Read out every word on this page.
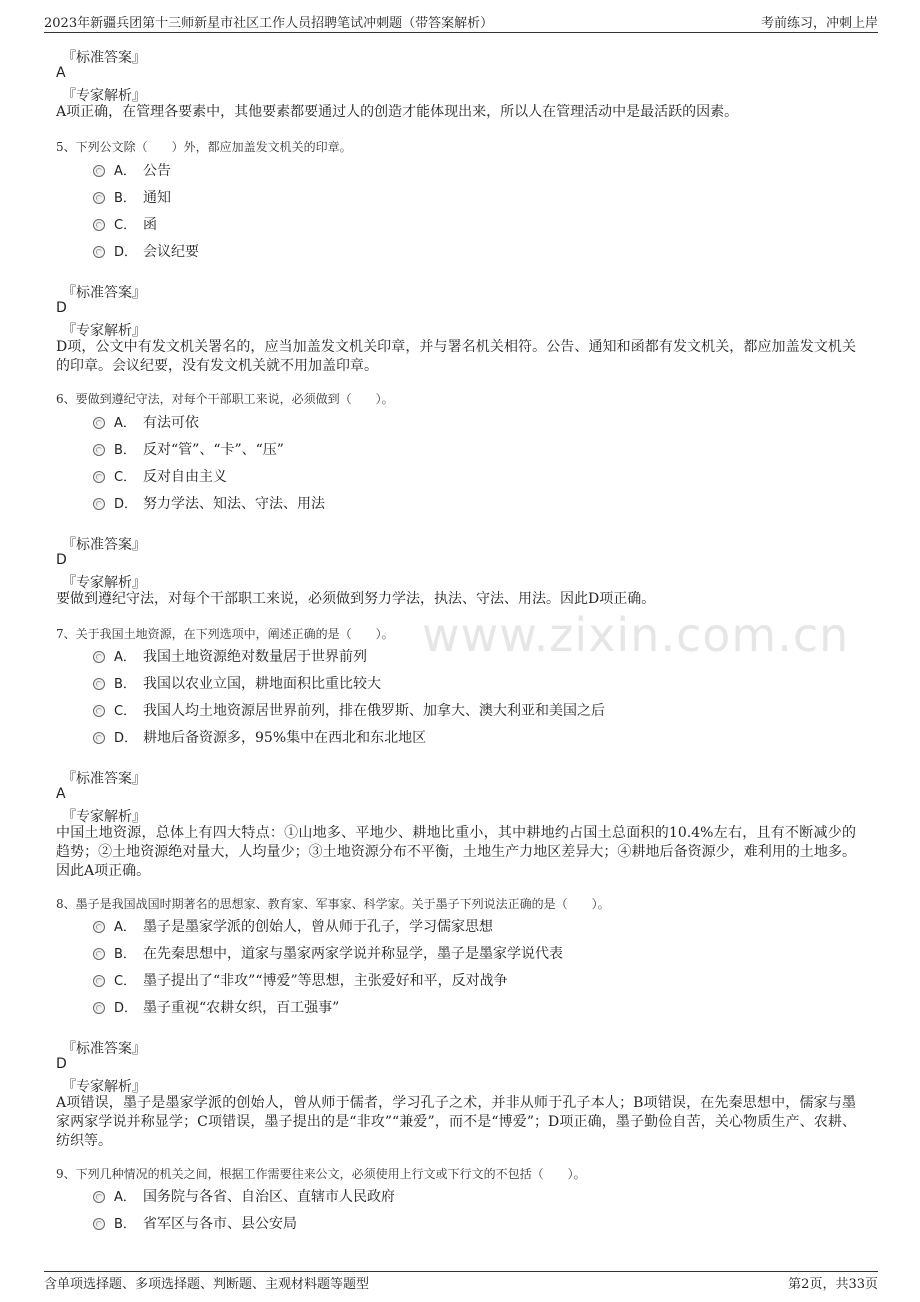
2023年新疆兵团第十三师新星市社区工作人员招聘笔试冲刺题（带答案解析）	考前练习，冲刺上岸
www.zixin.com.cn
『标准答案』
A
『专家解析』
A项正确，在管理各要素中，其他要素都要通过人的创造才能体现出来，所以人在管理活动中是最活跃的因素。
5、下列公文除（　　）外，都应加盖发文机关的印章。
A． 公告
B． 通知
C． 函
D． 会议纪要
『标准答案』
D
『专家解析』
D项，公文中有发文机关署名的，应当加盖发文机关印章，并与署名机关相符。公告、通知和函都有发文机关，都应加盖发文机关的印章。会议纪要，没有发文机关就不用加盖印章。
6、要做到遵纪守法，对每个干部职工来说，必须做到（　　）。
A． 有法可依
B． 反对“管”、“卡”、“压”
C． 反对自由主义
D． 努力学法、知法、守法、用法
『标准答案』
D
『专家解析』
要做到遵纪守法，对每个干部职工来说，必须做到努力学法，执法、守法、用法。因此D项正确。
7、关于我国土地资源，在下列选项中，阐述正确的是（　　）。
A． 我国土地资源绝对数量居于世界前列
B． 我国以农业立国，耕地面积比重比较大
C． 我国人均土地资源居世界前列，排在俄罗斯、加拿大、澳大利亚和美国之后
D． 耕地后备资源多，95%集中在西北和东北地区
『标准答案』
A
『专家解析』
中国土地资源，总体上有四大特点：①山地多、平地少、耕地比重小，其中耕地约占国土总面积的10.4%左右，且有不断减少的趋势；②土地资源绝对量大，人均量少；③土地资源分布不平衡，土地生产力地区差异大；④耕地后备资源少，难利用的土地多。因此A项正确。
8、墨子是我国战国时期著名的思想家、教育家、军事家、科学家。关于墨子下列说法正确的是（　　）。
A． 墨子是墨家学派的创始人，曾从师于孔子，学习儒家思想
B． 在先秦思想中，道家与墨家两家学说并称显学，墨子是墨家学说代表
C． 墨子提出了“非攻”“博爱”等思想，主张爱好和平，反对战争
D． 墨子重视“农耕女织，百工强事”
『标准答案』
D
『专家解析』
A项错误，墨子是墨家学派的创始人，曾从师于儒者，学习孔子之术，并非从师于孔子本人；B项错误，在先秦思想中，儒家与墨家两家学说并称显学；C项错误，墨子提出的是“非攻”“兼爱”，而不是“博爱”；D项正确，墨子勤俭自苦，关心物质生产、农耕、纺织等。
9、下列几种情况的机关之间，根据工作需要往来公文，必须使用上行文或下行文的不包括（　　）。
A． 国务院与各省、自治区、直辖市人民政府
B． 省军区与各市、县公安局
含单项选择题、多项选择题、判断题、主观材料题等题型	第2页，共33页
